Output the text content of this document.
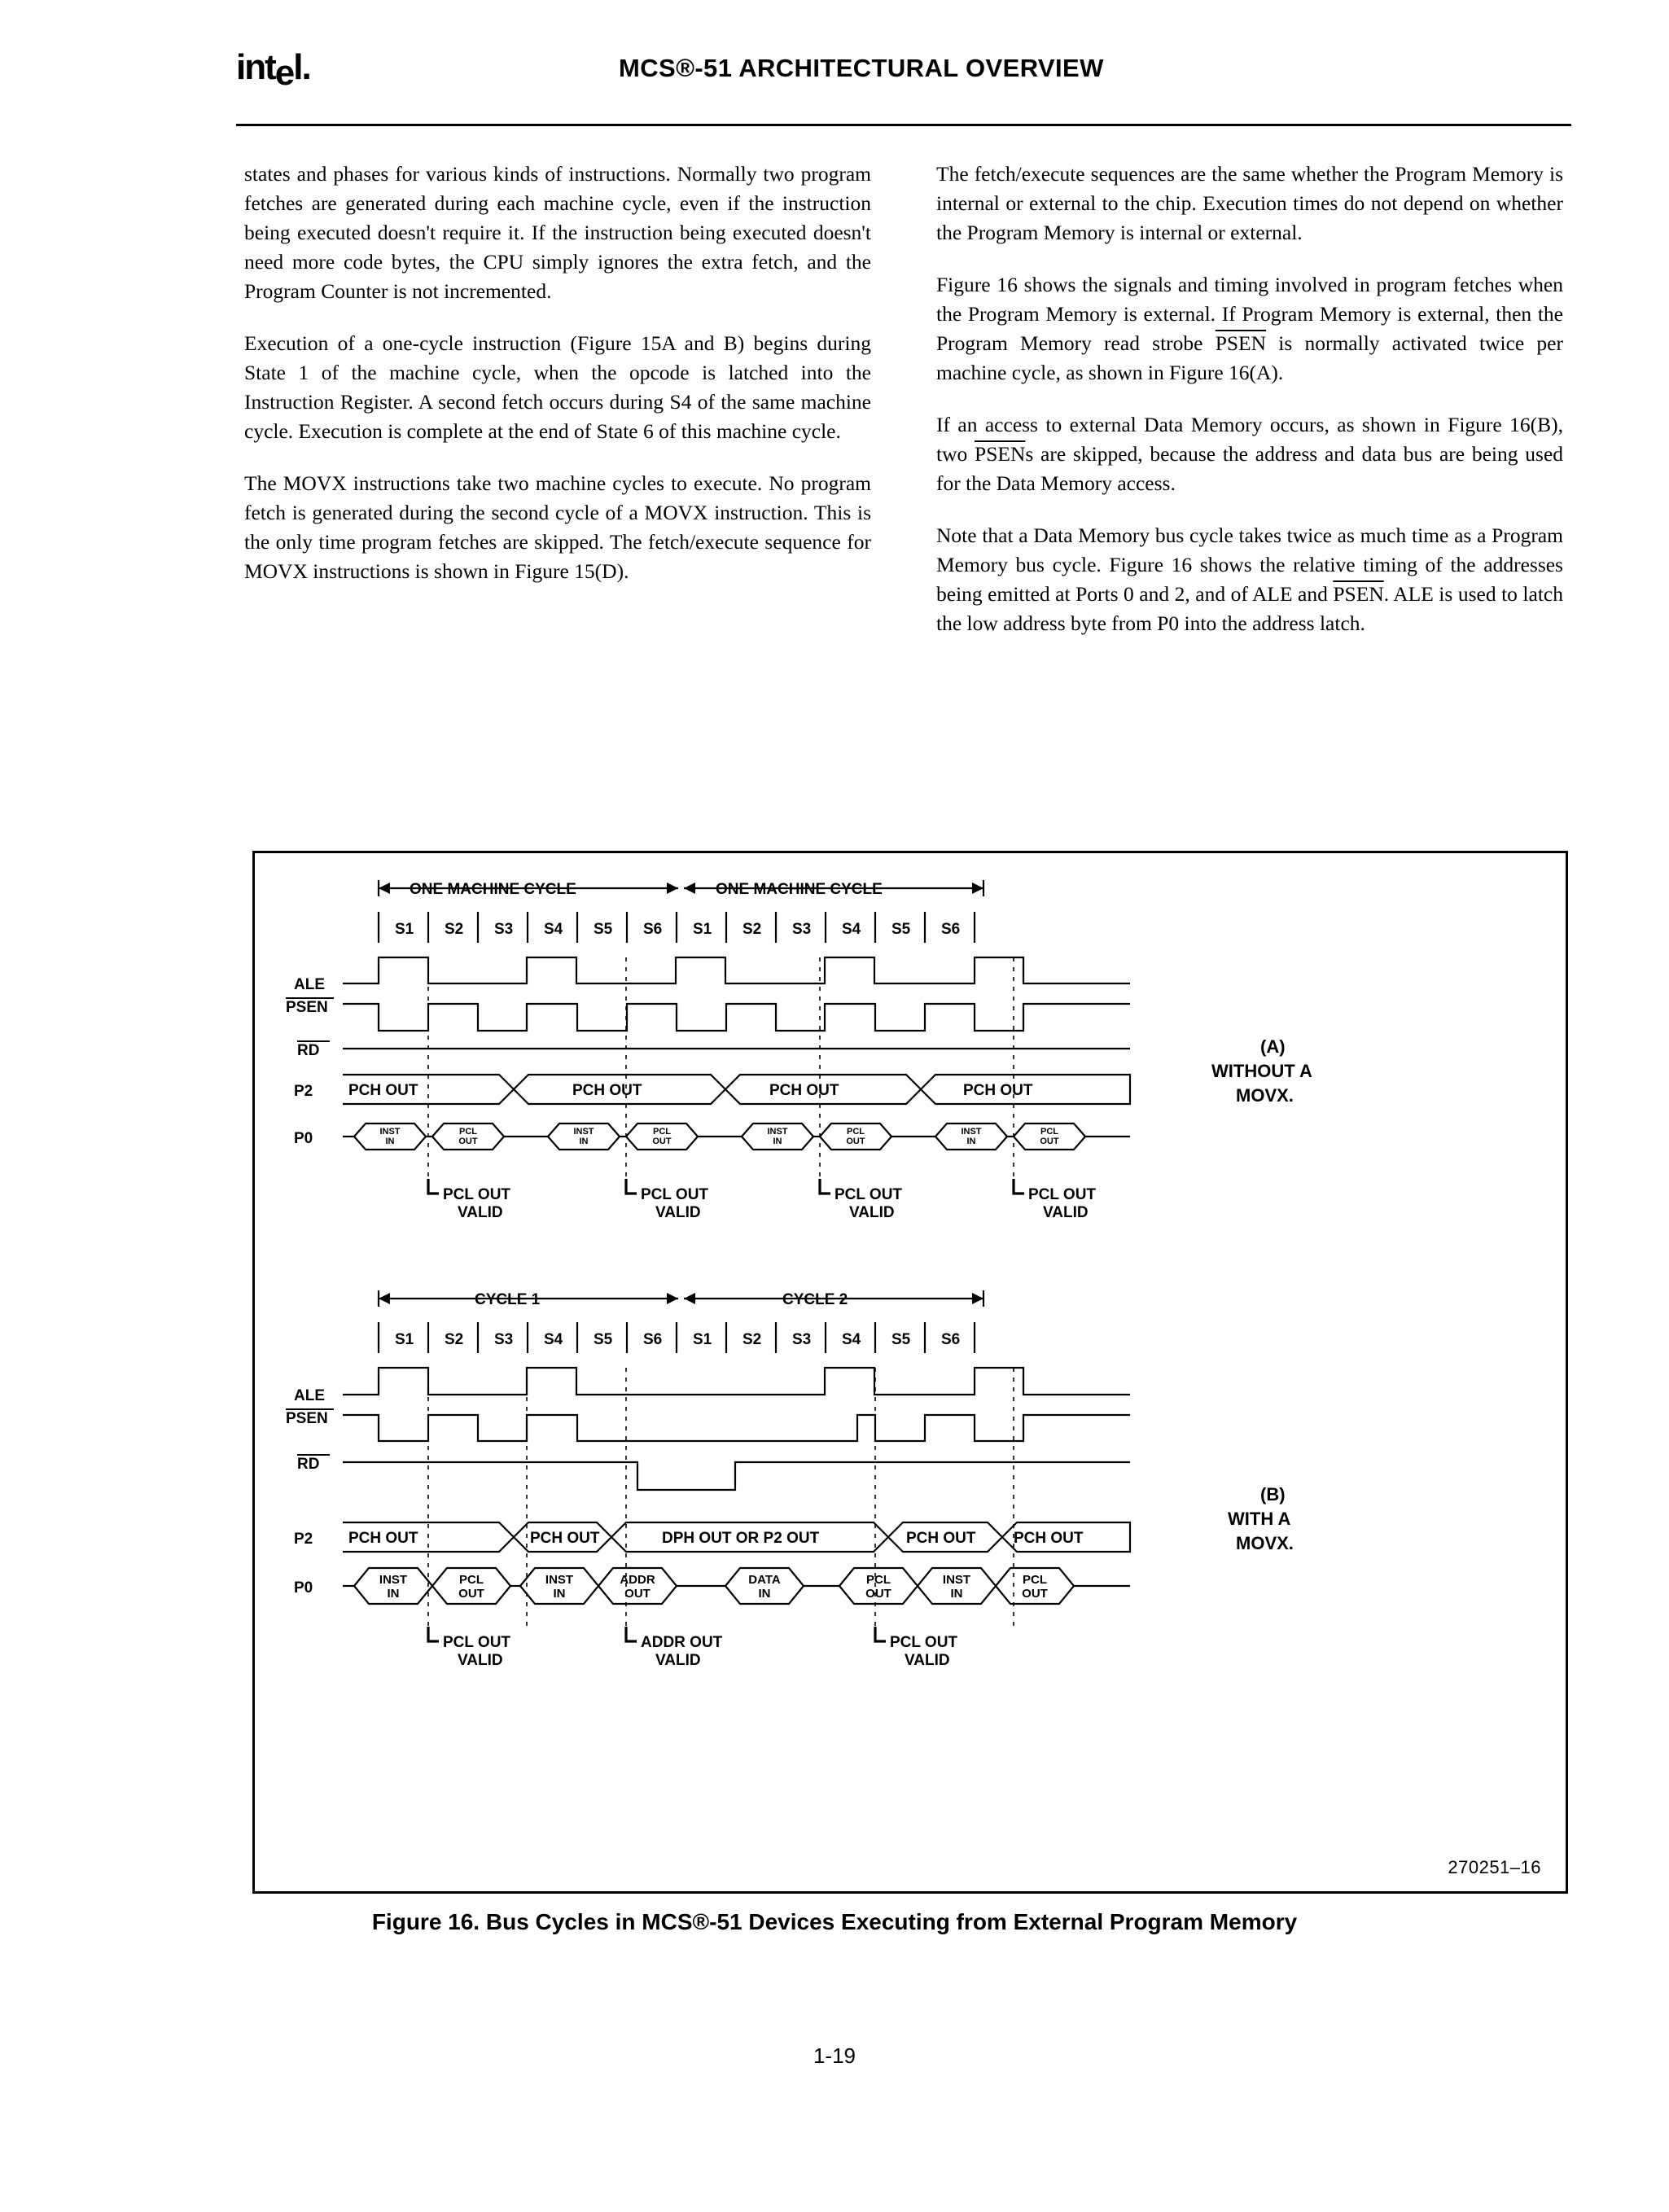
intel.	MCS®-51 ARCHITECTURAL OVERVIEW

states and phases for various kinds of instructions. Normally two program fetches are generated during each machine cycle, even if the instruction being executed doesn't require it. If the instruction being executed doesn't need more code bytes, the CPU simply ignores the extra fetch, and the Program Counter is not incremented.

Execution of a one-cycle instruction (Figure 15A and B) begins during State 1 of the machine cycle, when the opcode is latched into the Instruction Register. A second fetch occurs during S4 of the same machine cycle. Execution is complete at the end of State 6 of this machine cycle.

The MOVX instructions take two machine cycles to execute. No program fetch is generated during the second cycle of a MOVX instruction. This is the only time program fetches are skipped. The fetch/execute sequence for MOVX instructions is shown in Figure 15(D).

The fetch/execute sequences are the same whether the Program Memory is internal or external to the chip. Execution times do not depend on whether the Program Memory is internal or external.

Figure 16 shows the signals and timing involved in program fetches when the Program Memory is external. If Program Memory is external, then the Program Memory read strobe PSEN is normally activated twice per machine cycle, as shown in Figure 16(A).

If an access to external Data Memory occurs, as shown in Figure 16(B), two PSENs are skipped, because the address and data bus are being used for the Data Memory access.

Note that a Data Memory bus cycle takes twice as much time as a Program Memory bus cycle. Figure 16 shows the relative timing of the addresses being emitted at Ports 0 and 2, and of ALE and PSEN. ALE is used to latch the low address byte from P0 into the address latch.

ONE MACHINE CYCLE	ONE MACHINE CYCLE
S1 S2 S3 S4 S5 S6 S1 S2 S3 S4 S5 S6
ALE
PSEN
RD
P2
P0
PCH OUT	PCH OUT	PCH OUT	PCH OUT
INST
IN
PCL
OUT
INST
IN
PCL
OUT
INST
IN
PCL
OUT
INST
IN
PCL
OUT
PCL OUT
VALID
PCL OUT
VALID
PCL OUT
VALID
PCL OUT
VALID
(A)
WITHOUT A
MOVX.
CYCLE 1	CYCLE 2
S1 S2 S3 S4 S5 S6 S1 S2 S3 S4 S5 S6
ALE
PSEN
RD
P2
P0
PCH OUT	PCH OUT	DPH OUT OR P2 OUT	PCH OUT PCH OUT
INST
IN
PCL
OUT
INST
IN
ADDR
OUT
DATA
IN
PCL
OUT
INST
IN
PCL
OUT
PCL OUT
VALID
ADDR OUT
VALID
PCL OUT
VALID
(B)
WITH A
MOVX.
270251–16
Figure 16. Bus Cycles in MCS®-51 Devices Executing from External Program Memory
1-19
